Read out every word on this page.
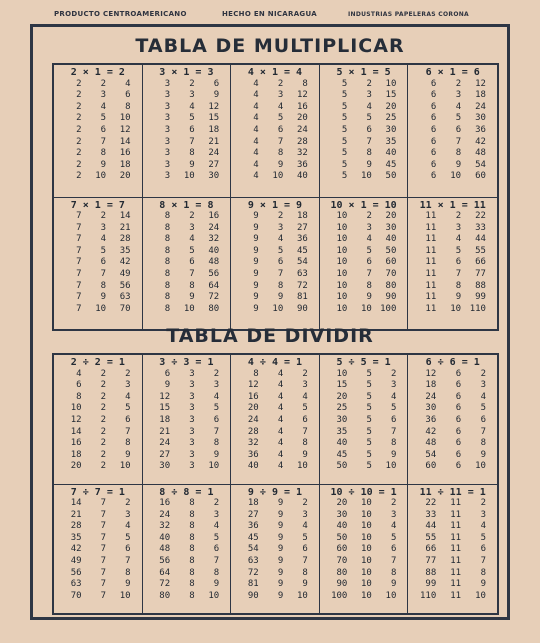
PRODUCTO CENTROAMERICANO	HECHO EN NICARAGUA	INDUSTRIAS PAPELERAS CORONA
TABLA DE MULTIPLICAR
2 × 1 = 2
2	2	4
2	3	6
2	4	8
2	5	10
2	6	12
2	7	14
2	8	16
2	9	18
2	10	20
3 × 1 = 3
3	2	6
3	3	9
3	4	12
3	5	15
3	6	18
3	7	21
3	8	24
3	9	27
3	10	30
4 × 1 = 4
4	2	8
4	3	12
4	4	16
4	5	20
4	6	24
4	7	28
4	8	32
4	9	36
4	10	40
5 × 1 = 5
5	2	10
5	3	15
5	4	20
5	5	25
5	6	30
5	7	35
5	8	40
5	9	45
5	10	50
6 × 1 = 6
6	2	12
6	3	18
6	4	24
6	5	30
6	6	36
6	7	42
6	8	48
6	9	54
6	10	60
7 × 1 = 7
7	2	14
7	3	21
7	4	28
7	5	35
7	6	42
7	7	49
7	8	56
7	9	63
7	10	70
8 × 1 = 8
8	2	16
8	3	24
8	4	32
8	5	40
8	6	48
8	7	56
8	8	64
8	9	72
8	10	80
9 × 1 = 9
9	2	18
9	3	27
9	4	36
9	5	45
9	6	54
9	7	63
9	8	72
9	9	81
9	10	90
10 × 1 = 10
10	2	20
10	3	30
10	4	40
10	5	50
10	6	60
10	7	70
10	8	80
10	9	90
10	10 100
11 × 1 = 11
11	2	22
11	3	33
11	4	44
11	5	55
11	6	66
11	7	77
11	8	88
11	9	99
11	10 110
TABLA DE DIVIDIR
2 ÷ 2 = 1
4	2	2
6	2	3
8	2	4
10	2	5
12	2	6
14	2	7
16	2	8
18	2	9
20	2	10
3 ÷ 3 = 1
6	3	2
9	3	3
12	3	4
15	3	5
18	3	6
21	3	7
24	3	8
27	3	9
30	3	10
4 ÷ 4 = 1
8	4	2
12	4	3
16	4	4
20	4	5
24	4	6
28	4	7
32	4	8
36	4	9
40	4	10
5 ÷ 5 = 1
10	5	2
15	5	3
20	5	4
25	5	5
30	5	6
35	5	7
40	5	8
45	5	9
50	5	10
6 ÷ 6 = 1
12	6	2
18	6	3
24	6	4
30	6	5
36	6	6
42	6	7
48	6	8
54	6	9
60	6	10
7 ÷ 7 = 1
14	7	2
21	7	3
28	7	4
35	7	5
42	7	6
49	7	7
56	7	8
63	7	9
70	7	10
8 ÷ 8 = 1
16	8	2
24	8	3
32	8	4
40	8	5
48	8	6
56	8	7
64	8	8
72	8	9
80	8	10
9 ÷ 9 = 1
18	9	2
27	9	3
36	9	4
45	9	5
54	9	6
63	9	7
72	9	8
81	9	9
90	9	10
10 ÷ 10 = 1
20	10	2
30	10	3
40	10	4
50	10	5
60	10	6
70	10	7
80	10	8
90	10	9
100	10	10
11 ÷ 11 = 1
22	11	2
33	11	3
44	11	4
55	11	5
66	11	6
77	11	7
88	11	8
99	11	9
110	11	10
